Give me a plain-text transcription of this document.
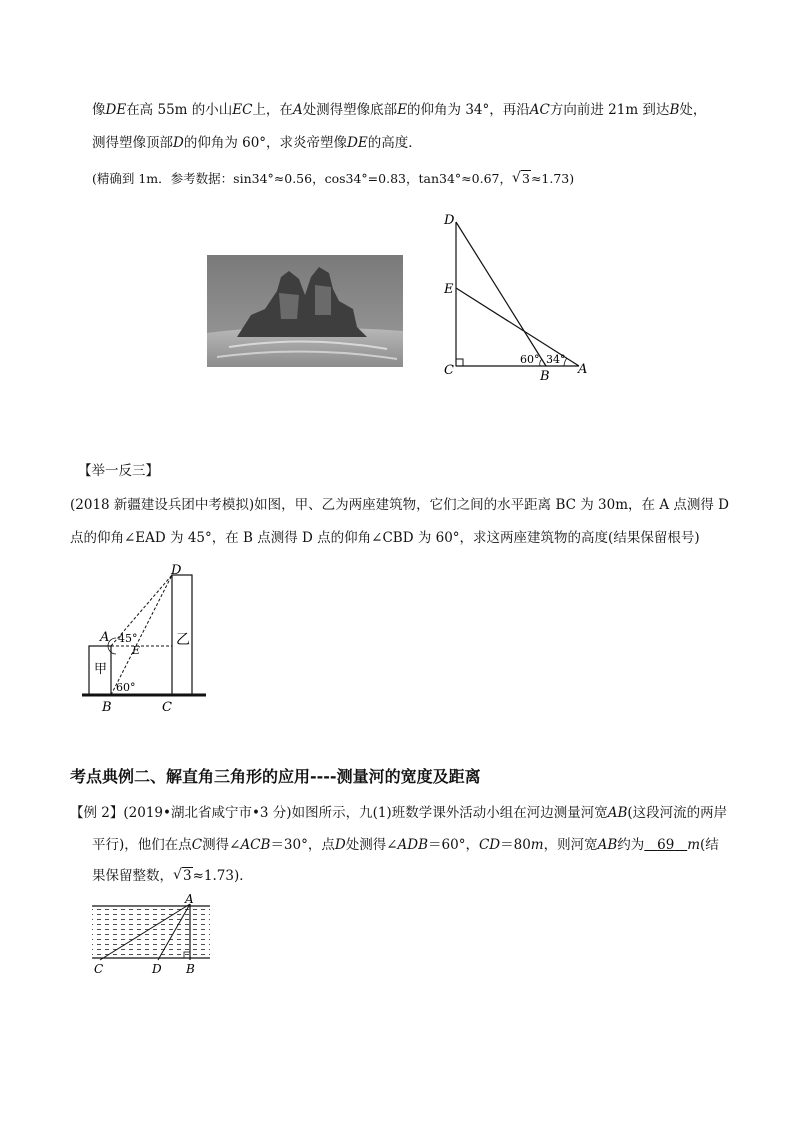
像DE在高 55m 的小山EC上，在A处测得塑像底部E的仰角为 34°，再沿AC方向前进 21m 到达B处，
测得塑像顶部D的仰角为 60°，求炎帝塑像DE的高度．
(精确到 1m．参考数据：sin34°≈0.56，cos34°=0.83，tan34°≈0.67， √ 3≈1.73)
D
E
C	B A
60° 34°
【举一反三】
(2018 新疆建设兵团中考模拟)如图，甲、乙为两座建筑物，它们之间的水平距离 BC 为 30m，在 A 点测得 D
点的仰角∠EAD 为 45°，在 B 点测得 D 点的仰角∠CBD 为 60°，求这两座建筑物的高度(结果保留根号)
D
A 45°
E
甲
乙
60°
B	C
考点典例二、解直角三角形的应用----测量河的宽度及距离
【例 2】(2019•湖北省咸宁市•3 分)如图所示，九(1)班数学课外活动小组在河边测量河宽AB(这段河流的两岸
平行)，他们在点C测得∠ACB＝30°，点D处测得∠ADB＝60°，CD＝80m，则河宽AB约为 69 m(结
果保留整数， √ 3≈1.73)．
A
C	D B
